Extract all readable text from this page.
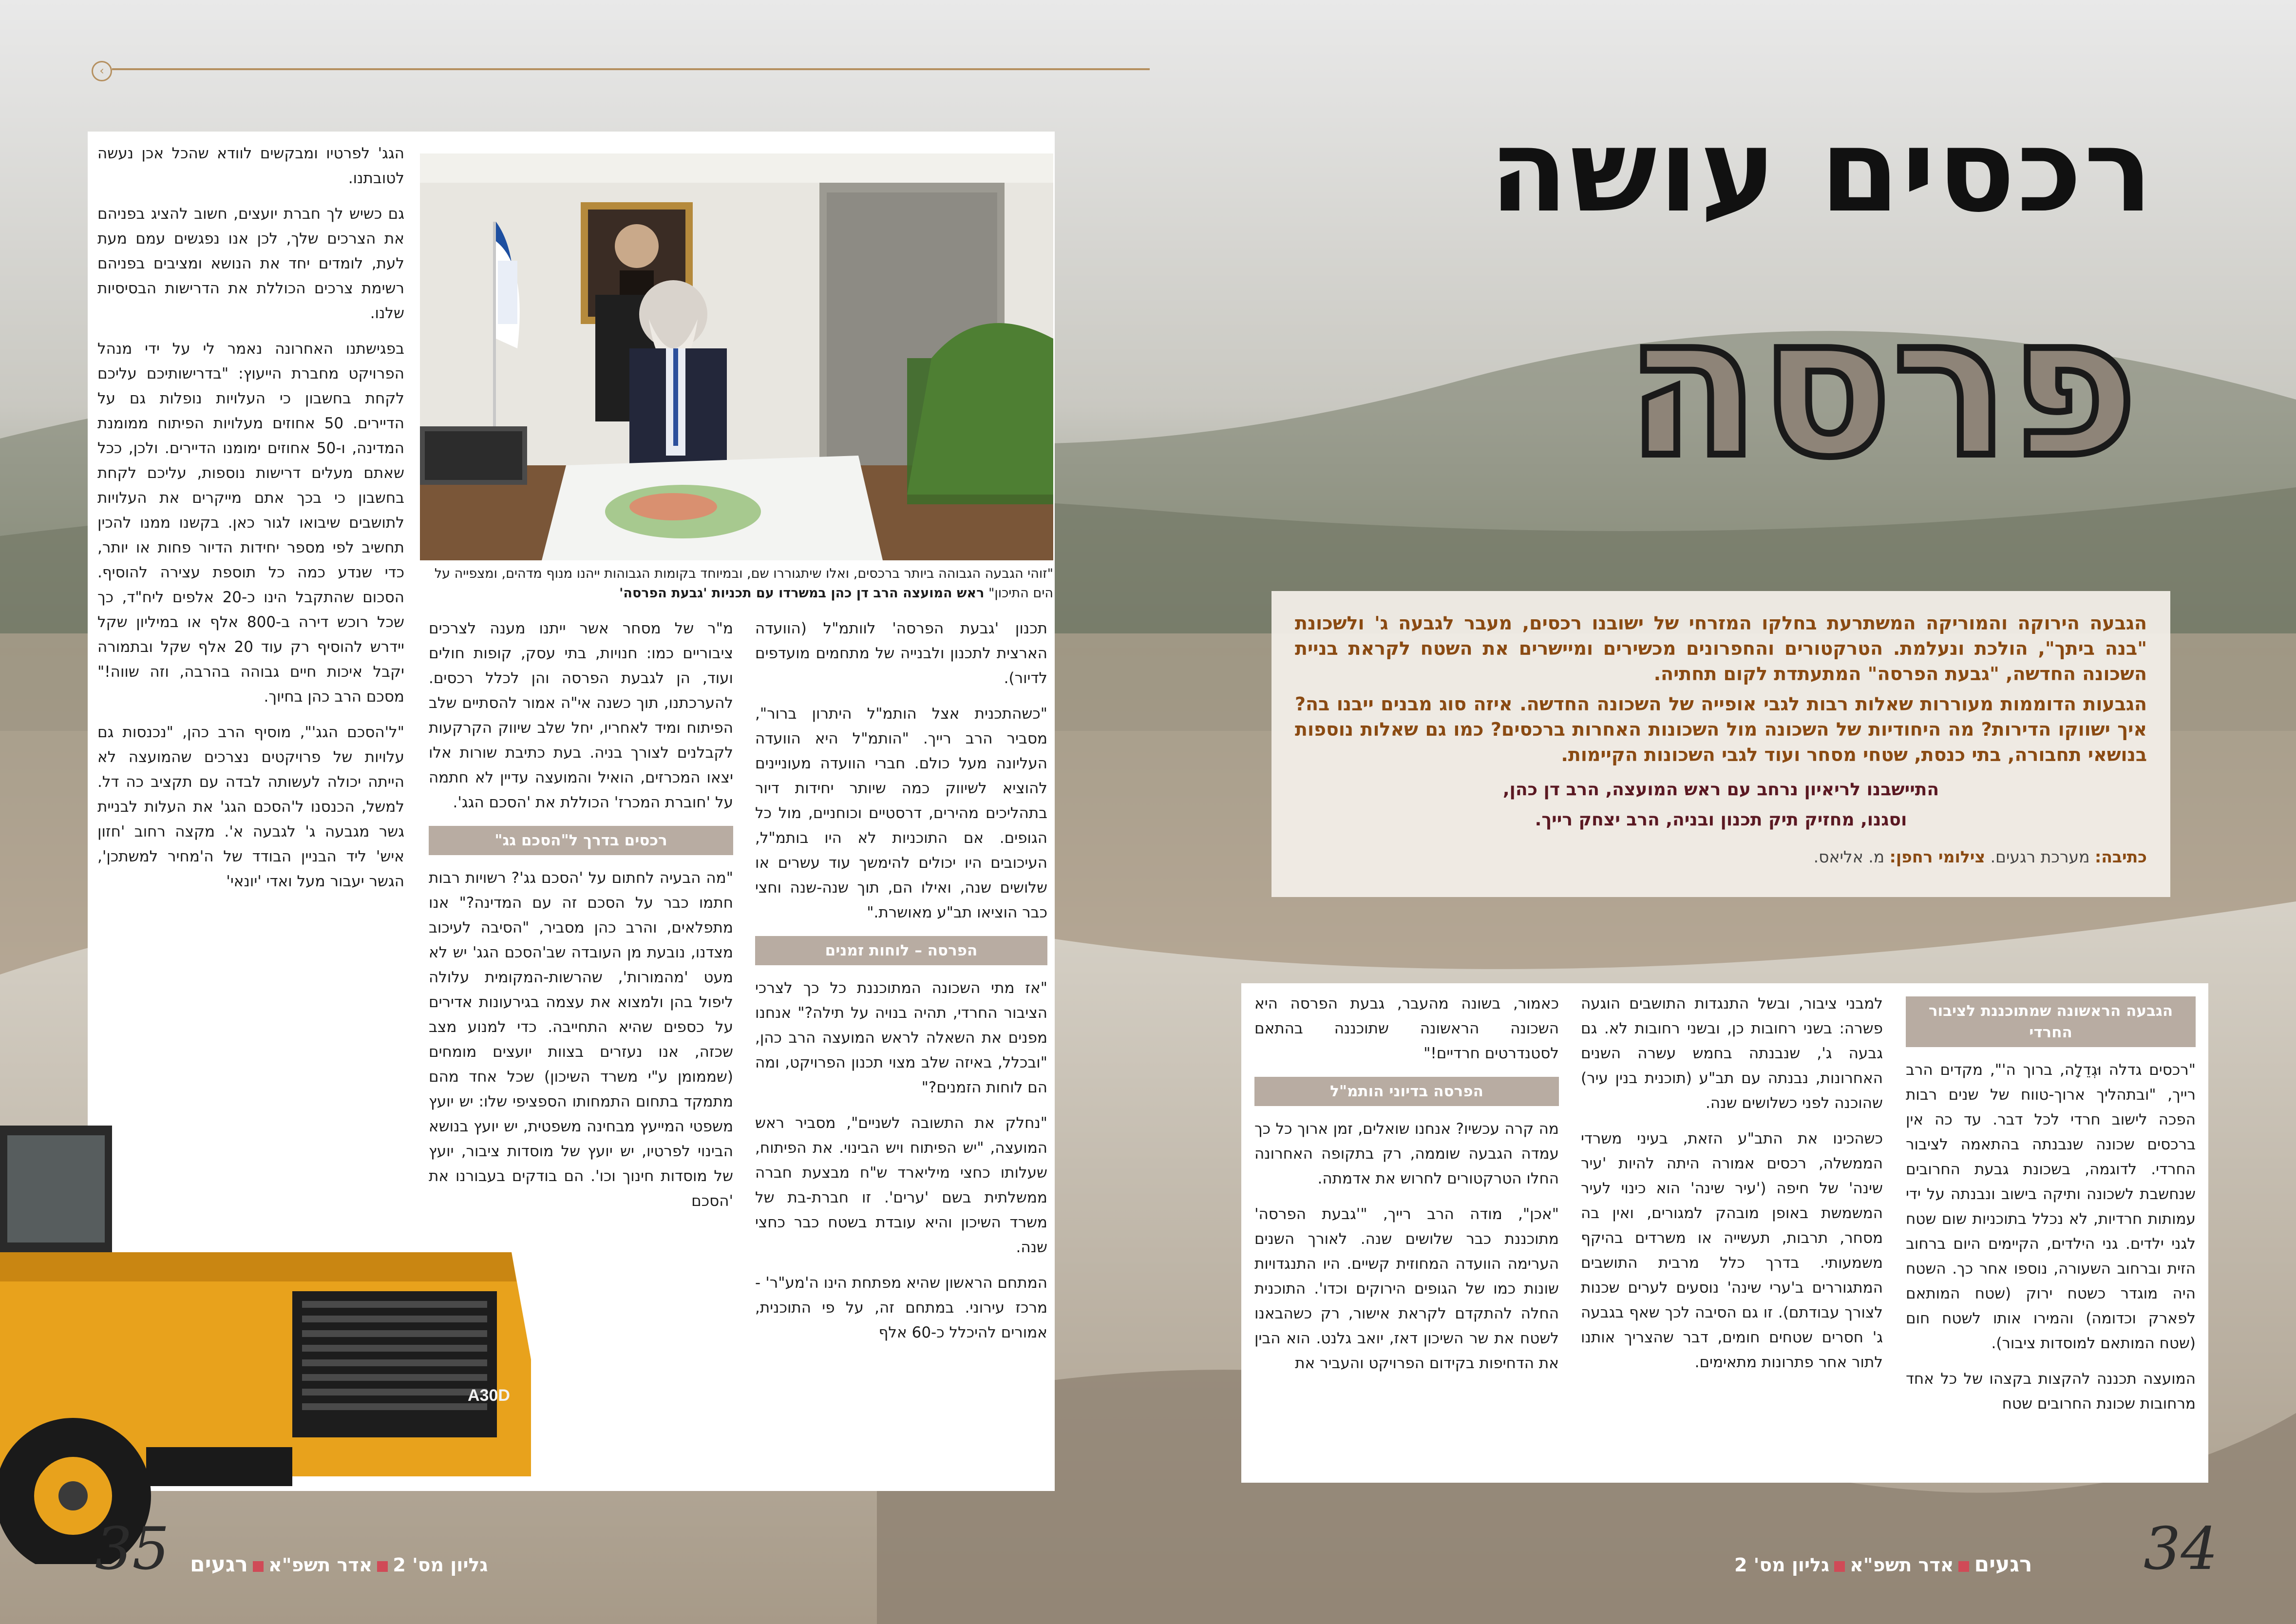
‹
רכסים עושה
פרסה

הגבעה הירוקה והמוריקה המשתרעת בחלקו המזרחי של ישובנו רכסים, מעבר לגבעה ג' ולשכונת "בנה ביתך", הולכת ונעלמת. הטרקטורים והחפרונים מכשירים ומיישרים את השטח לקראת בניית השכונה החדשה, "גבעת הפרסה" המתעתדת לקום תחתיה.

הגבעות הדוממות מעוררות שאלות רבות לגבי אופייה של השכונה החדשה. איזה סוג מבנים ייבנו בה? איך ישווקו הדירות? מה היחודיות של השכונה מול השכונות האחרות ברכסים? כמו גם שאלות נוספות בנושאי תחבורה, בתי כנסת, שטחי מסחר ועוד לגבי השכונות הקיימות.

התיישבנו לריאיון נרחב עם ראש המועצה, הרב דן כהן,

וסגנו, מחזיק תיק תכנון ובניה, הרב יצחק רייך.

כתיבה: מערכת רגעים. צילומי רחפן: מ. אליאס.

הגבעה הראשונה שמתוכננת לציבור החרדי

"רכסים גדלה וּגְדֵלָה, ברוך ה'", מקדים הרב רייך, "ובתהליך ארוך-טווח של שנים רבות הפכה לישוב חרדי לכל דבר. עד כה אין ברכסים שכונה שנבנתה בהתאמה לציבור החרדי. לדוגמה, בשכונת גבעת החרובים שנחשבת לשכונה ותיקה בישוב ונבנתה על ידי עמותות חרדיות, לא נכלל בתוכניות שום שטח לגני ילדים. גני הילדים, הקיימים היום ברחוב הזית וברחוב השעורה, נוספו אחר כך. השטח היה מוגדר כשטח ירוק (שטח המותאם לפארק וכדומה) והמירו אותו לשטח חום (שטח המותאם למוסדות ציבור).

המועצה תכננה להקצות בקצהו של כל אחד מרחובות שכונת החרובים שטח

למבני ציבור, ובשל התנגדות התושבים הוגעה פשרה: בשני רחובות כן, ובשני רחובות לא. גם גבעה ג', שנבנתה בחמש עשרה השנים האחרונות, נבנתה עם תב"ע (תוכנית בנין עיר) שהוכנה לפני כשלושים שנה.

כשהכינו את התב"ע הזאת, בעיני משרדי הממשלה, רכסים אמורה היתה להיות 'עיר שינה' של חיפה ('עיר שינה' הוא כינוי לעיר המשמשת באופן מובהק למגורים, ואין בה מסחר, תרבות, תעשייה או משרדים בהיקף משמעותי. בדרך כלל מרבית התושבים המתגוררים ב'ערי שינה' נוסעים לערים שכנות לצורך עבודתם). זו גם הסיבה לכך שאף בגבעה ג' חסרים שטחים חומים, דבר שהצריך אותנו לתור אחר פתרונות מתאימים.

כאמור, בשונה מהעבר, גבעת הפרסה היא השכונה הראשונה שתוכננה בהתאם לסטנדרטים חרדיים!"

הפרסה בדיוני הותמ"ל

מה קרה עכשיו? אנחנו שואלים, זמן ארוך כל כך עמדה הגבעה שוממה, רק בתקופה האחרונה החלו הטרקטורים לחרוש את אדמתה.

"אכן", מודה הרב רייך, "'גבעת הפרסה' מתוכננת כבר שלושים שנה. לאורך השנים הערימה הוועדה המחוזית קשיים. היו התנגדויות שונות כמו של הגופים הירוקים וכדו'. התוכנית החלה להתקדם לקראת אישור, רק כשהבאנו לשטח את שר השיכון דאז, יואב גלנט. הוא הבין את הדחיפות בקידום הפרויקט והעביר את

"זוהי הגבעה הגבוהה ביותר ברכסים, ואלו שיתגוררו שם, ובמיוחד בקומות הגבוהות ייהנו מנוף מדהים, ומצפייה על הים התיכון" ראש המועצה הרב דן כהן במשרדו עם תכניות 'גבעת הפרסה'

תכנון 'גבעת הפרסה' לוותמ"ל (הוועדה הארצית לתכנון ולבנייה של מתחמים מועדפים לדיור).

"כשהתכנית אצל הותמ"ל היתרון ברור", מסביר הרב רייך. "הותמ"ל היא הוועדה העליונה מעל כולם. חברי הוועדה מעוניינים להוציא לשיווק כמה שיותר יחידות דיור בתהליכים מהירים, דרסטיים וכוחניים, מול כל הגופים. אם התוכניות לא היו בותמ"ל, העיכובים היו יכולים להימשך עוד עשרים או שלושים שנה, ואילו הם, תוך שנה-שנה וחצי כבר הוציאו תב"ע מאושרת."

הפרסה – לוחות זמנים

"אז מתי השכונה המתוכננת כל כך לצרכי הציבור החרדי, תהיה בנויה על תילה?" אנחנו מפנים את השאלה לראש המועצה הרב כהן, "ובכלל, באיזה שלב מצוי תכנון הפרויקט, ומה הם לוחות הזמנים?"

"נחלק את התשובה לשניים", מסביר ראש המועצה, "יש הפיתוח ויש הבינוי. את הפיתוח, שעלותו כחצי מיליארד ש"ח מבצעת חברה ממשלתית בשם 'ערים'. זו חברת-בת של משרד השיכון והיא עובדת בשטח כבר כחצי שנה.

המתחם הראשון שהיא מפתחת הינו ה'מע"ר' - מרכז עירוני. במתחם זה, על פי התוכנית, אמורים להיכלל כ-60 אלף

מ"ר של מסחר אשר ייתנו מענה לצרכים ציבוריים כמו: חנויות, בתי עסק, קופות חולים ועוד, הן לגבעת הפרסה והן לכלל רכסים. להערכתנו, תוך כשנה אי"ה אמור להסתיים שלב הפיתוח ומיד לאחריו, יחל שלב שיווק הקרקעות לקבלנים לצורך בניה. בעת כתיבת שורות אלו יצאו המכרזים, הואיל והמועצה עדיין לא חתמה על 'חוברת המכרז' הכוללת את 'הסכם הגג'.

רכסים בדרך ל"הסכם גג"

"מה הבעיה לחתום על 'הסכם גג'? רשויות רבות חתמו כבר על הסכם זה עם המדינה?" אנו מתפלאים, והרב כהן מסביר, "הסיבה לעיכוב מצדנו, נובעת מן העובדה שב'הסכם הגג' יש לא מעט 'מהמורות', שהרשות-המקומית עלולה ליפול בהן ולמצוא את עצמה בגירעונות אדירים על כספים שהיא התחייבה. כדי למנוע מצב שכזה, אנו נעזרים בצוות יועצים מומחים (שממומן ע"י משרד השיכון) שכל אחד מהם מתמקד בתחום התמחותו הספציפי שלו: יש יועץ משפטי המייעץ מבחינה משפטית, יש יועץ בנושא הבינוי לפרטיו, יש יועץ של מוסדות ציבור, יועץ של מוסדות חינוך וכו'. הם בודקים בעבורנו את 'הסכם

הגג' לפרטיו ומבקשים לוודא שהכל אכן נעשה לטובתנו.

גם כשיש לך חברת יועצים, חשוב להציג בפניהם את הצרכים שלך, לכן אנו נפגשים עמם מעת לעת, לומדים יחד את הנושא ומציבים בפניהם רשימת צרכים הכוללת את הדרישות הבסיסיות שלנו.

בפגישתנו האחרונה נאמר לי על ידי מנהל הפרויקט מחברת הייעוץ: "בדרישותיכם עליכם לקחת בחשבון כי העלויות נופלות גם על הדיירים. 50 אחוזים מעלויות הפיתוח ממומנת המדינה, ו-50 אחוזים ימומנו הדיירים. ולכן, ככל שאתם מעלים דרישות נוספות, עליכם לקחת בחשבון כי בכך אתם מייקרים את העלויות לתושבים שיבואו לגור כאן. בקשנו ממנו להכין תחשיב לפי מספר יחידות הדיור פחות או יותר, כדי שנדע כמה כל תוספת עצירה להוסיף. הסכום שהתקבל הינו כ-20 אלפים ליח"ד, כך שכל רוכש דירה ב-800 אלף או במיליון שקל יידרש להוסיף רק עוד 20 אלף שקל ובתמורה יקבל איכות חיים גבוהה בהרבה, וזה שווה!" מסכם הרב כהן בחיוך.

"ל'הסכם הגג'", מוסיף הרב כהן, "נכנסות גם עלויות של פרויקטים נצרכים שהמועצה לא הייתה יכולה לעשותה לבדה עם תקציב כה דל. למשל, הכנסנו ל'הסכם הגג' את העלות לבניית גשר מגבעה ג' לגבעה א'. מקצה רחוב 'חזון איש' ליד הבניין הבודד של ה'מחיר למשתכן', הגשר יעבור מעל ואדי 'יונאי'

A30D
34
רגעיםאדר תשפ"אגליון מס' 2
35	גליון מס' 2אדר תשפ"ארגעים
